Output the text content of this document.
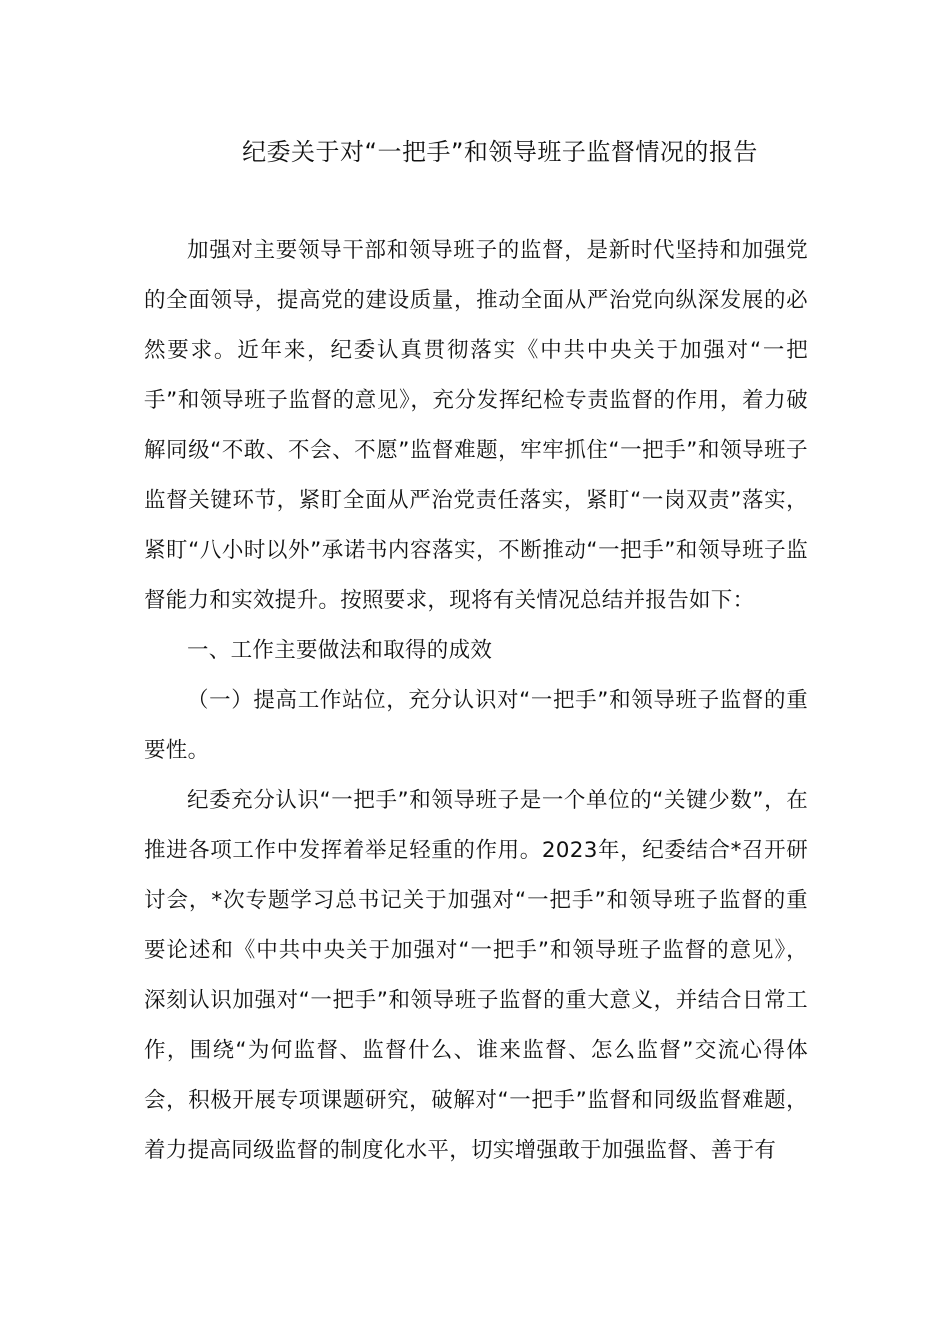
纪委关于对“一把手”和领导班子监督情况的报告

加强对主要领导干部和领导班子的监督，是新时代坚持和加强党的全面领导，提高党的建设质量，推动全面从严治党向纵深发展的必然要求。近年来，纪委认真贯彻落实《中共中央关于加强对“一把手”和领导班子监督的意见》，充分发挥纪检专责监督的作用，着力破解同级“不敢、不会、不愿”监督难题，牢牢抓住“一把手”和领导班子监督关键环节，紧盯全面从严治党责任落实，紧盯“一岗双责”落实，紧盯“八小时以外”承诺书内容落实，不断推动“一把手”和领导班子监督能力和实效提升。按照要求，现将有关情况总结并报告如下：

一、工作主要做法和取得的成效

（一）提高工作站位，充分认识对“一把手”和领导班子监督的重要性。

纪委充分认识“一把手”和领导班子是一个单位的“关键少数”，在推进各项工作中发挥着举足轻重的作用。2023年，纪委结合*召开研讨会，*次专题学习总书记关于加强对“一把手”和领导班子监督的重要论述和《中共中央关于加强对“一把手”和领导班子监督的意见》，深刻认识加强对“一把手”和领导班子监督的重大意义，并结合日常工作，围绕“为何监督、监督什么、谁来监督、怎么监督”交流心得体会，积极开展专项课题研究，破解对“一把手”监督和同级监督难题，着力提高同级监督的制度化水平，切实增强敢于加强监督、善于有
